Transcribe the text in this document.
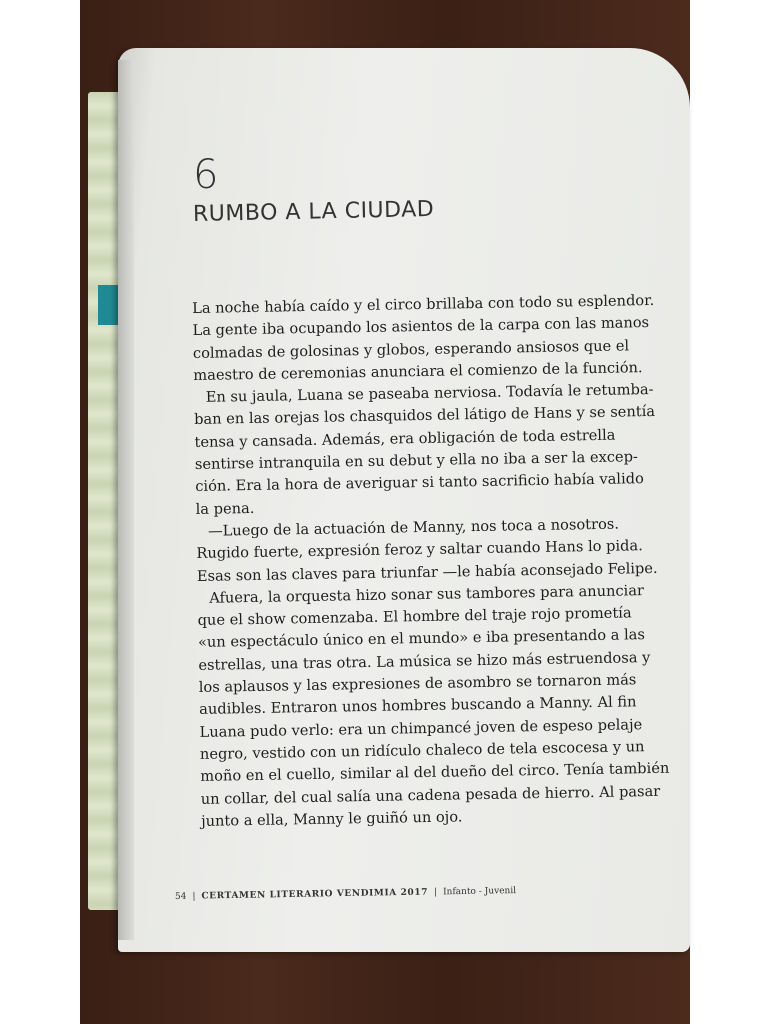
6
RUMBO A LA CIUDAD
La noche había caído y el circo brillaba con todo su esplendor.
La gente iba ocupando los asientos de la carpa con las manos
colmadas de golosinas y globos, esperando ansiosos que el
maestro de ceremonias anunciara el comienzo de la función.
En su jaula, Luana se paseaba nerviosa. Todavía le retumba-
ban en las orejas los chasquidos del látigo de Hans y se sentía
tensa y cansada. Además, era obligación de toda estrella
sentirse intranquila en su debut y ella no iba a ser la excep-
ción. Era la hora de averiguar si tanto sacrificio había valido
la pena.
—Luego de la actuación de Manny, nos toca a nosotros.
Rugido fuerte, expresión feroz y saltar cuando Hans lo pida.
Esas son las claves para triunfar —le había aconsejado Felipe.
Afuera, la orquesta hizo sonar sus tambores para anunciar
que el show comenzaba. El hombre del traje rojo prometía
«un espectáculo único en el mundo» e iba presentando a las
estrellas, una tras otra. La música se hizo más estruendosa y
los aplausos y las expresiones de asombro se tornaron más
audibles. Entraron unos hombres buscando a Manny. Al fin
Luana pudo verlo: era un chimpancé joven de espeso pelaje
negro, vestido con un ridículo chaleco de tela escocesa y un
moño en el cuello, similar al del dueño del circo. Tenía también
un collar, del cual salía una cadena pesada de hierro. Al pasar
junto a ella, Manny le guiñó un ojo.
54 | CERTAMEN LITERARIO VENDIMIA 2017 | Infanto - Juvenil
